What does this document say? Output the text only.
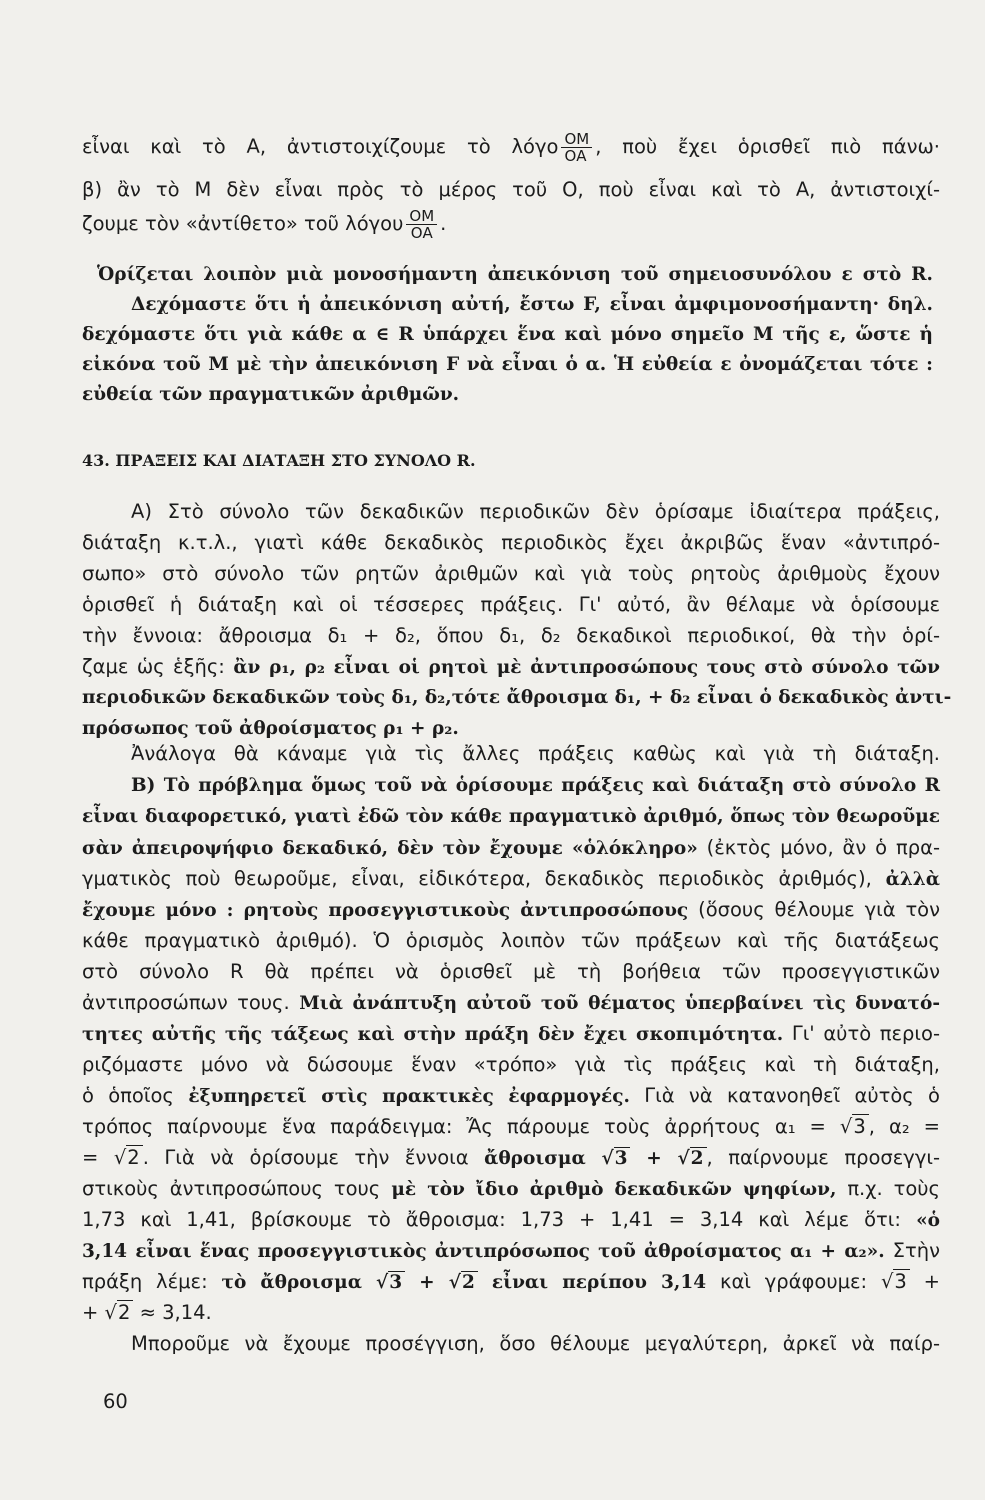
εἶναι καὶ τὸ Α, ἀντιστοιχίζουμε τὸ λόγο $\frac{OM}{OA}$ , ποὺ ἔχει ὁρισθεῖ πιὸ πάνω·

β) ἂν τὸ Μ δὲν εἶναι πρὸς τὸ μέρος τοῦ Ο, ποὺ εἶναι καὶ τὸ Α, ἀντιστοιχί-

ζουμε τὸν «ἀντίθετο» τοῦ λόγου $\frac{OM}{OA}$ .

Ὁρίζεται λοιπὸν μιὰ μονοσήμαντη ἀπεικόνιση τοῦ σημειοσυνόλου ε στὸ R.

Δεχόμαστε ὅτι ἡ ἀπεικόνιση αὐτή, ἔστω F, εἶναι ἀμφιμονοσήμαντη· δηλ.

δεχόμαστε ὅτι γιὰ κάθε α ∈ R ὑπάρχει ἕνα καὶ μόνο σημεῖο Μ τῆς ε, ὥστε ἡ

εἰκόνα τοῦ Μ μὲ τὴν ἀπεικόνιση F νὰ εἶναι ὁ α. Ἡ εὐθεία ε ὀνομάζεται τότε :

εὐθεία τῶν πραγματικῶν ἀριθμῶν.

43. ΠΡΑΞΕΙΣ ΚΑΙ ΔΙΑΤΑΞΗ ΣΤΟ ΣΥΝΟΛΟ R.

Α) Στὸ σύνολο τῶν δεκαδικῶν περιοδικῶν δὲν ὁρίσαμε ἰδιαίτερα πράξεις,

διάταξη κ.τ.λ., γιατὶ κάθε δεκαδικὸς περιοδικὸς ἔχει ἀκριβῶς ἕναν «ἀντιπρό-

σωπο» στὸ σύνολο τῶν ρητῶν ἀριθμῶν καὶ γιὰ τοὺς ρητοὺς ἀριθμοὺς ἔχουν

ὁρισθεῖ ἡ διάταξη καὶ οἱ τέσσερες πράξεις. Γι' αὐτό, ἂν θέλαμε νὰ ὁρίσουμε

τὴν ἔννοια: ἄθροισμα δ₁ + δ₂, ὅπου δ₁, δ₂ δεκαδικοὶ περιοδικοί, θὰ τὴν ὁρί-

ζαμε ὡς ἑξῆς: ἂν ρ₁, ρ₂ εἶναι οἱ ρητοὶ μὲ ἀντιπροσώπους τους στὸ σύνολο τῶν

περιοδικῶν δεκαδικῶν τοὺς δ₁, δ₂,τότε ἄθροισμα δ₁, + δ₂ εἶναι ὁ δεκαδικὸς ἀντι-

πρόσωπος τοῦ ἀθροίσματος ρ₁ + ρ₂.

Ἀνάλογα θὰ κάναμε γιὰ τὶς ἄλλες πράξεις καθὼς καὶ γιὰ τὴ διάταξη.

Β) Τὸ πρόβλημα ὅμως τοῦ νὰ ὁρίσουμε πράξεις καὶ διάταξη στὸ σύνολο R

εἶναι διαφορετικό, γιατὶ ἐδῶ τὸν κάθε πραγματικὸ ἀριθμό, ὅπως τὸν θεωροῦμε

σὰν ἀπειροψήφιο δεκαδικό, δὲν τὸν ἔχουμε «ὁλόκληρο» (ἐκτὸς μόνο, ἂν ὁ πρα-

γματικὸς ποὺ θεωροῦμε, εἶναι, εἰδικότερα, δεκαδικὸς περιοδικὸς ἀριθμός), ἀλλὰ

ἔχουμε μόνο : ρητοὺς προσεγγιστικοὺς ἀντιπροσώπους (ὅσους θέλουμε γιὰ τὸν

κάθε πραγματικὸ ἀριθμό). Ὁ ὁρισμὸς λοιπὸν τῶν πράξεων καὶ τῆς διατάξεως

στὸ σύνολο R θὰ πρέπει νὰ ὁρισθεῖ μὲ τὴ βοήθεια τῶν προσεγγιστικῶν

ἀντιπροσώπων τους. Μιὰ ἀνάπτυξη αὐτοῦ τοῦ θέματος ὑπερβαίνει τὶς δυνατό-

τητες αὐτῆς τῆς τάξεως καὶ στὴν πράξη δὲν ἔχει σκοπιμότητα. Γι' αὐτὸ περιο-

ριζόμαστε μόνο νὰ δώσουμε ἕναν «τρόπο» γιὰ τὶς πράξεις καὶ τὴ διάταξη,

ὁ ὁποῖος ἐξυπηρετεῖ στὶς πρακτικὲς ἐφαρμογές. Γιὰ νὰ κατανοηθεῖ αὐτὸς ὁ

τρόπος παίρνουμε ἕνα παράδειγμα: Ἄς πάρουμε τοὺς ἀρρήτους α₁ = √3 , α₂ =

= √2 . Γιὰ νὰ ὁρίσουμε τὴν ἔννοια ἄθροισμα √3 + √2 , παίρνουμε προσεγγι-

στικοὺς ἀντιπροσώπους τους μὲ τὸν ἴδιο ἀριθμὸ δεκαδικῶν ψηφίων, π.χ. τοὺς

1,73 καὶ 1,41, βρίσκουμε τὸ ἄθροισμα: 1,73 + 1,41 = 3,14 καὶ λέμε ὅτι: «ὁ

3,14 εἶναι ἕνας προσεγγιστικὸς ἀντιπρόσωπος τοῦ ἀθροίσματος α₁ + α₂». Στὴν

πράξη λέμε: τὸ ἄθροισμα √3 + √2 εἶναι περίπου 3,14 καὶ γράφουμε: √3 +

+ √2 ≈ 3,14.

Μποροῦμε νὰ ἔχουμε προσέγγιση, ὅσο θέλουμε μεγαλύτερη, ἀρκεῖ νὰ παίρ-

60
